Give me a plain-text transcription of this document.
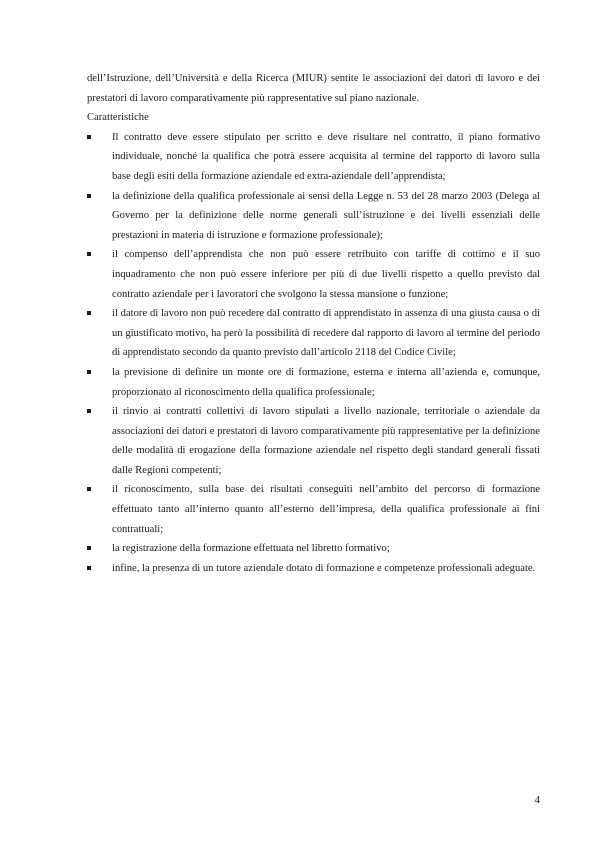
dell’Istruzione, dell’Università e della Ricerca (MIUR) sentite le associazioni dei datori di lavoro e dei prestatori di lavoro comparativamente più rappresentative sul piano nazionale.

Caratteristiche

Il contratto deve essere stipulato per scritto e deve risultare nel contratto, il piano formativo individuale, nonché la qualifica che potrà essere acquisita al termine del rapporto di lavoro sulla base degli esiti della formazione aziendale ed extra-aziendale dell’apprendista;
la definizione della qualifica professionale ai sensi della Legge n. 53 del 28 marzo 2003 (Delega al Governo per la definizione delle norme generali sull’istruzione e dei livelli essenziali delle prestazioni in materia di istruzione e formazione professionale);
il compenso dell’apprendista che non può essere retribuito con tariffe di cottimo e il suo inquadramento che non può essere inferiore per più di due livelli rispetto a quello previsto dal contratto aziendale per i lavoratori che svolgono la stessa mansione o funzione;
il datore di lavoro non può recedere dal contratto di apprendistato in assenza di una giusta causa o di un giustificato motivo, ha però la possibilità di recedere dal rapporto di lavoro al termine del periodo di apprendistato secondo da quanto previsto dall’articolo 2118 del Codice Civile;
la previsione di definire un monte ore di formazione, esterna e interna all’azienda e, comunque, proporzionato al riconoscimento della qualifica professionale;
il rinvio ai contratti collettivi di lavoro stipulati a livello nazionale, territoriale o aziendale da associazioni dei datori e prestatori di lavoro comparativamente più rappresentative per la definizione delle modalità di erogazione della formazione aziendale nel rispetto degli standard generali fissati dalle Regioni competenti;
il riconoscimento, sulla base dei risultati conseguiti nell’ambito del percorso di formazione effettuato tanto all’interno quanto all’esterno dell’impresa, della qualifica professionale ai fini contrattuali;
la registrazione della formazione effettuata nel libretto formativo;
infine, la presenza di un tutore aziendale dotato di formazione e competenze professionali adeguate.
4
